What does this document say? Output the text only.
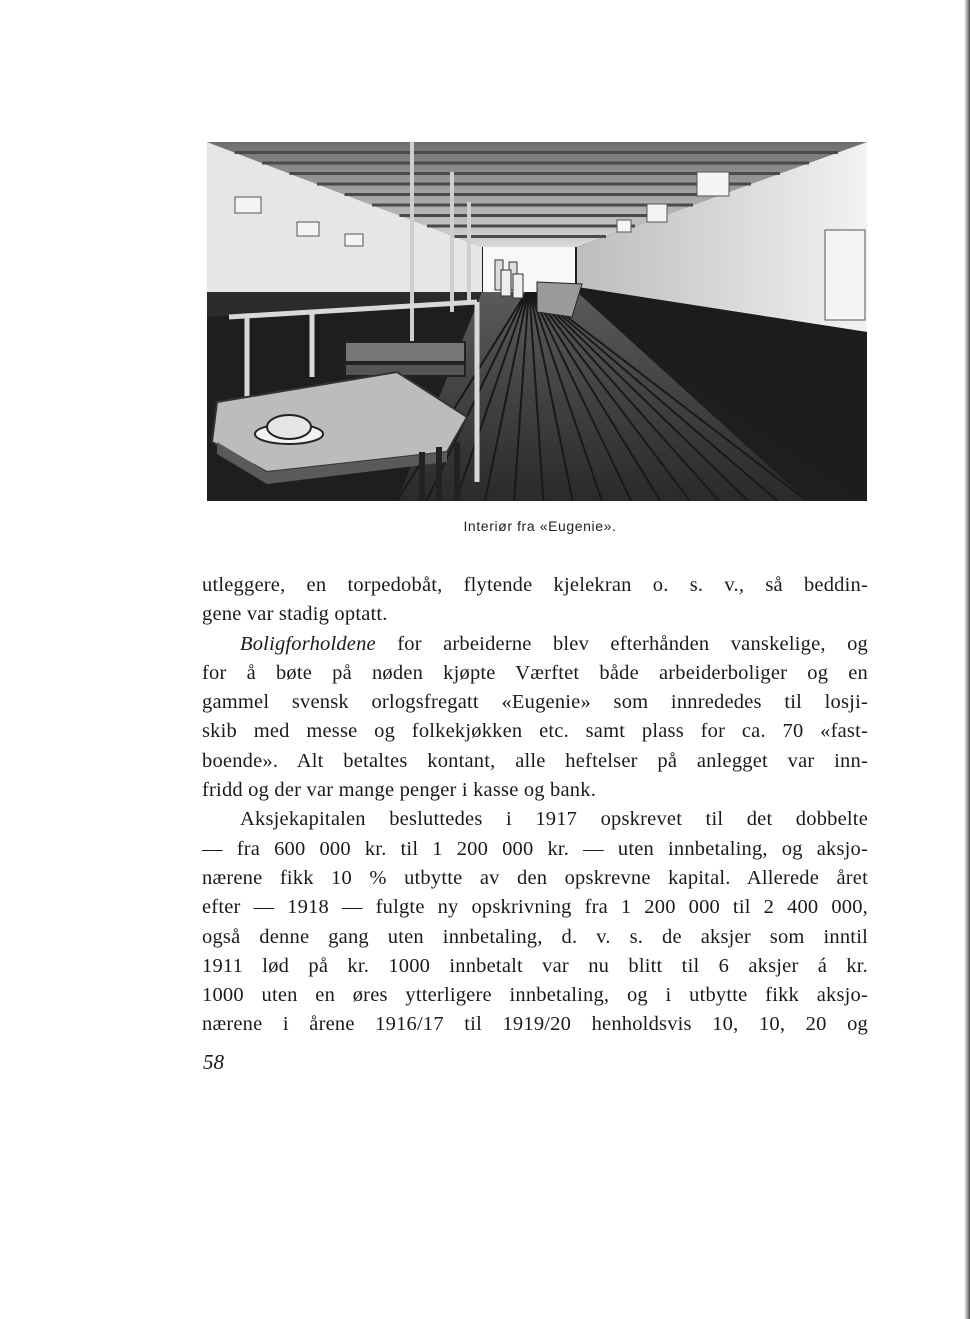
Interiør fra «Eugenie».
utleggere, en torpedobåt, flytende kjelekran o. s. v., så beddin-
gene var stadig optatt.
Boligforholdene for arbeiderne blev efterhånden vanskelige, og
for å bøte på nøden kjøpte Værftet både arbeiderboliger og en
gammel svensk orlogsfregatt «Eugenie» som innrededes til losji-
skib med messe og folkekjøkken etc. samt plass for ca. 70 «fast-
boende». Alt betaltes kontant, alle heftelser på anlegget var inn-
fridd og der var mange penger i kasse og bank.
Aksjekapitalen besluttedes i 1917 opskrevet til det dobbelte
— fra 600 000 kr. til 1 200 000 kr. — uten innbetaling, og aksjo-
nærene fikk 10 % utbytte av den opskrevne kapital. Allerede året
efter — 1918 — fulgte ny opskrivning fra 1 200 000 til 2 400 000,
også denne gang uten innbetaling, d. v. s. de aksjer som inntil
1911 lød på kr. 1000 innbetalt var nu blitt til 6 aksjer á kr.
1000 uten en øres ytterligere innbetaling, og i utbytte fikk aksjo-
nærene i årene 1916/17 til 1919/20 henholdsvis 10, 10, 20 og
58
